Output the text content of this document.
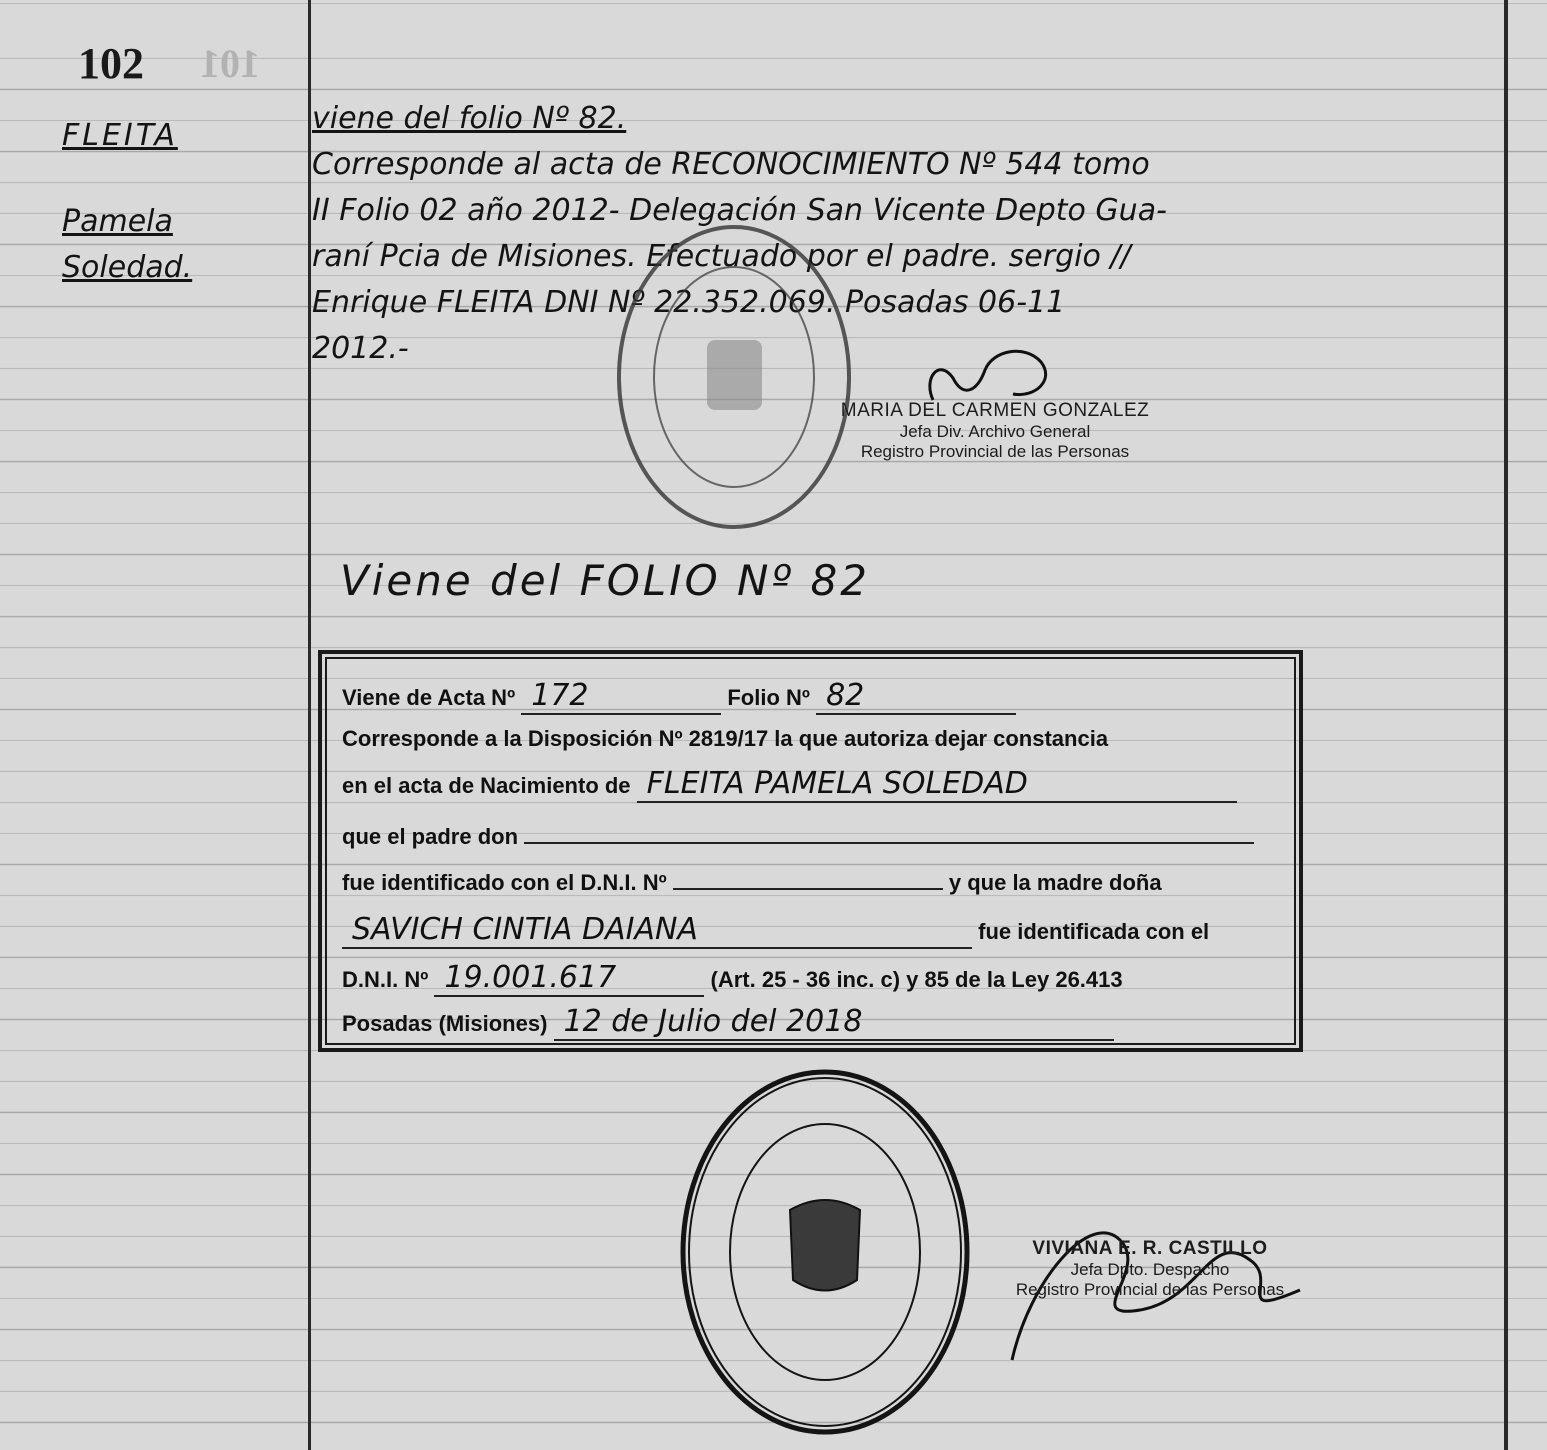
102 101
FLEITA
Pamela
Soledad.
viene del folio Nº 82.
Corresponde al acta de RECONOCIMIENTO Nº 544 tomo
II Folio 02 año 2012- Delegación San Vicente Depto Gua-
raní Pcia de Misiones. Efectuado por el padre. sergio //
Enrique FLEITA DNI Nº 22.352.069. Posadas 06-11
2012.-
MARIA DEL CARMEN GONZALEZ
Jefa Div. Archivo General
Registro Provincial de las Personas
Viene del FOLIO Nº 82
Viene de Acta Nº 172	Folio Nº 82
Corresponde a la Disposición Nº 2819/17 la que autoriza dejar constancia
en el acta de Nacimiento de FLEITA PAMELA SOLEDAD
que el padre don
fue identificado con el D.N.I. Nº	y que la madre doña
SAVICH CINTIA DAIANA	fue identificada con el
D.N.I. Nº 19.001.617	(Art. 25 - 36 inc. c) y 85 de la Ley 26.413
Posadas (Misiones) 12 de Julio del 2018
VIVIANA E. R. CASTILLO
Jefa Dpto. Despacho
Registro Provincial de las Personas
